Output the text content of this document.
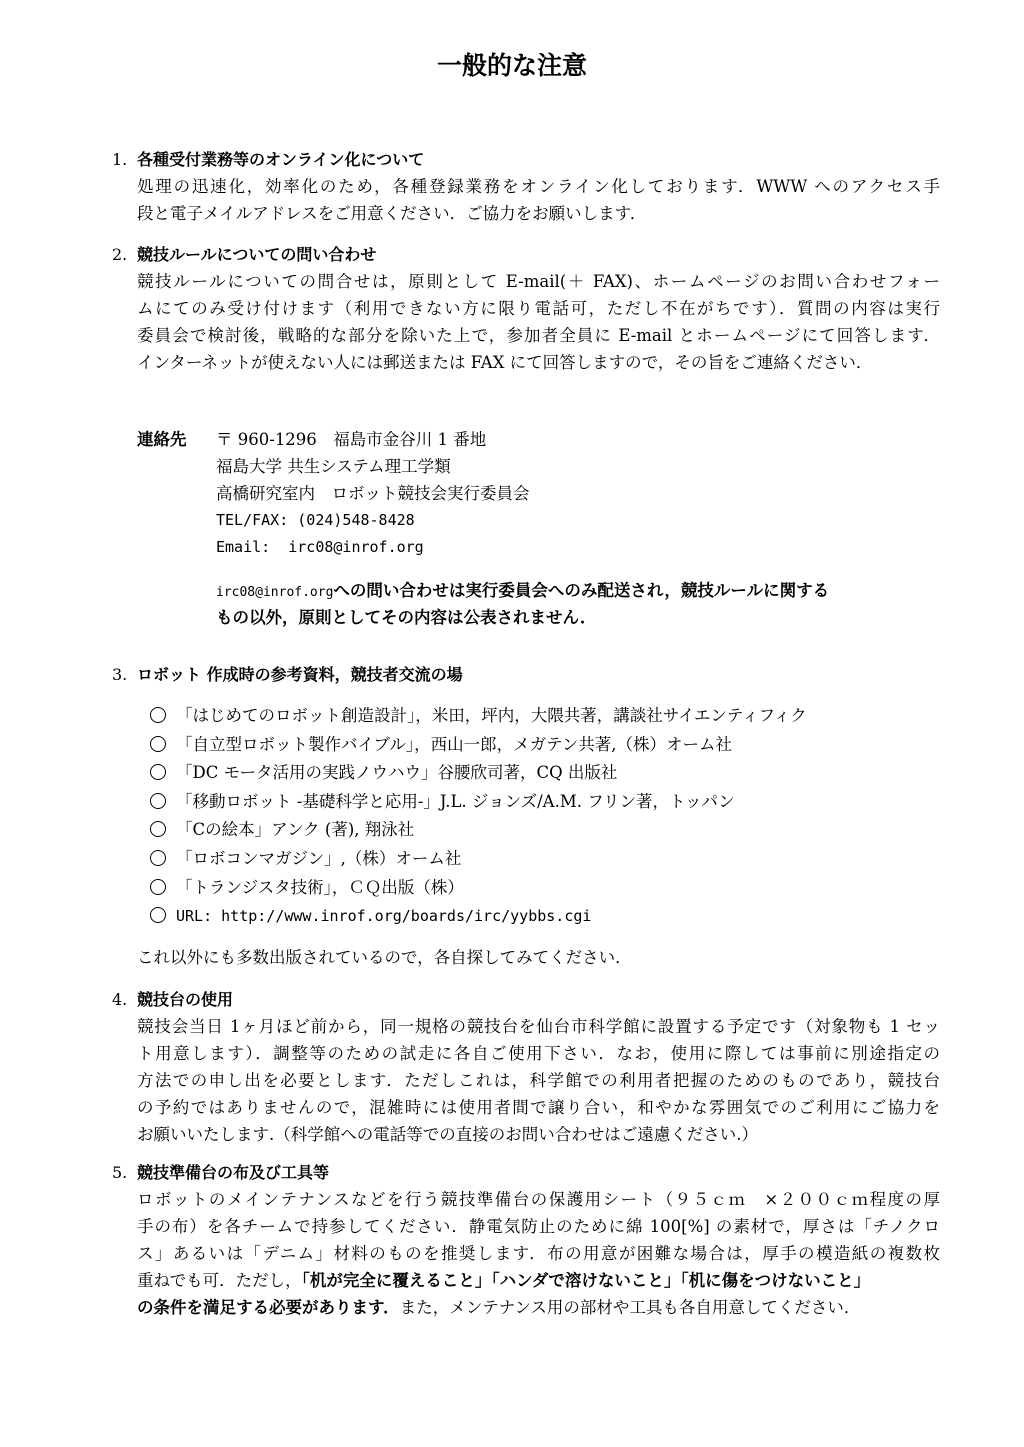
一般的な注意
1. 各種受付業務等のオンライン化について
処理の迅速化，効率化のため，各種登録業務をオンライン化しております．WWW へのアクセス手
段と電子メイルアドレスをご用意ください．ご協力をお願いします．
2. 競技ルールについての問い合わせ
競技ルールについての問合せは，原則として E-mail(＋ FAX)、ホームページのお問い合わせフォー
ムにてのみ受け付けます（利用できない方に限り電話可，ただし不在がちです）．質問の内容は実行
委員会で検討後，戦略的な部分を除いた上で，参加者全員に E-mail とホームページにて回答します．
インターネットが使えない人には郵送または FAX にて回答しますので，その旨をご連絡ください．
連絡先 〒 960-1296　福島市金谷川 1 番地
福島大学 共生システム理工学類
高橋研究室内　ロボット競技会実行委員会
TEL/FAX: (024)548-8428
Email:  irc08@inrof.org
irc08@inrof.orgへの問い合わせは実行委員会へのみ配送され，競技ルールに関する
もの以外，原則としてその内容は公表されません．
3. ロボット 作成時の参考資料，競技者交流の場
「はじめてのロボット創造設計」，米田，坪内，大隈共著，講談社サイエンティフィク
「自立型ロボット製作バイブル」，西山一郎，メガテン共著,（株）オーム社
「DC モータ活用の実践ノウハウ」谷腰欣司著，CQ 出版社
「移動ロボット -基礎科学と応用-」J.L. ジョンズ/A.M. フリン著，トッパン
「Cの絵本」アンク (著), 翔泳社
「ロボコンマガジン」,（株）オーム社
「トランジスタ技術」，ＣＱ出版（株）
URL: http://www.inrof.org/boards/irc/yybbs.cgi
これ以外にも多数出版されているので，各自探してみてください．
4. 競技台の使用
競技会当日 1ヶ月ほど前から，同一規格の競技台を仙台市科学館に設置する予定です（対象物も 1 セッ
ト用意します）．調整等のための試走に各自ご使用下さい．なお，使用に際しては事前に別途指定の
方法での申し出を必要とします．ただしこれは，科学館での利用者把握のためのものであり，競技台
の予約ではありませんので，混雑時には使用者間で譲り合い，和やかな雰囲気でのご利用にご協力を
お願いいたします.（科学館への電話等での直接のお問い合わせはご遠慮ください.）
5. 競技準備台の布及び工具等
ロボットのメインテナンスなどを行う競技準備台の保護用シート（９５ｃｍ　×２００ｃｍ程度の厚
手の布）を各チームで持参してください．静電気防止のために綿 100[%] の素材で，厚さは「チノクロ
ス」あるいは「デニム」材料のものを推奨します．布の用意が困難な場合は，厚手の模造紙の複数枚
重ねでも可．ただし，「机が完全に覆えること」「ハンダで溶けないこと」「机に傷をつけないこと」
の条件を満足する必要があります．また，メンテナンス用の部材や工具も各自用意してください．
